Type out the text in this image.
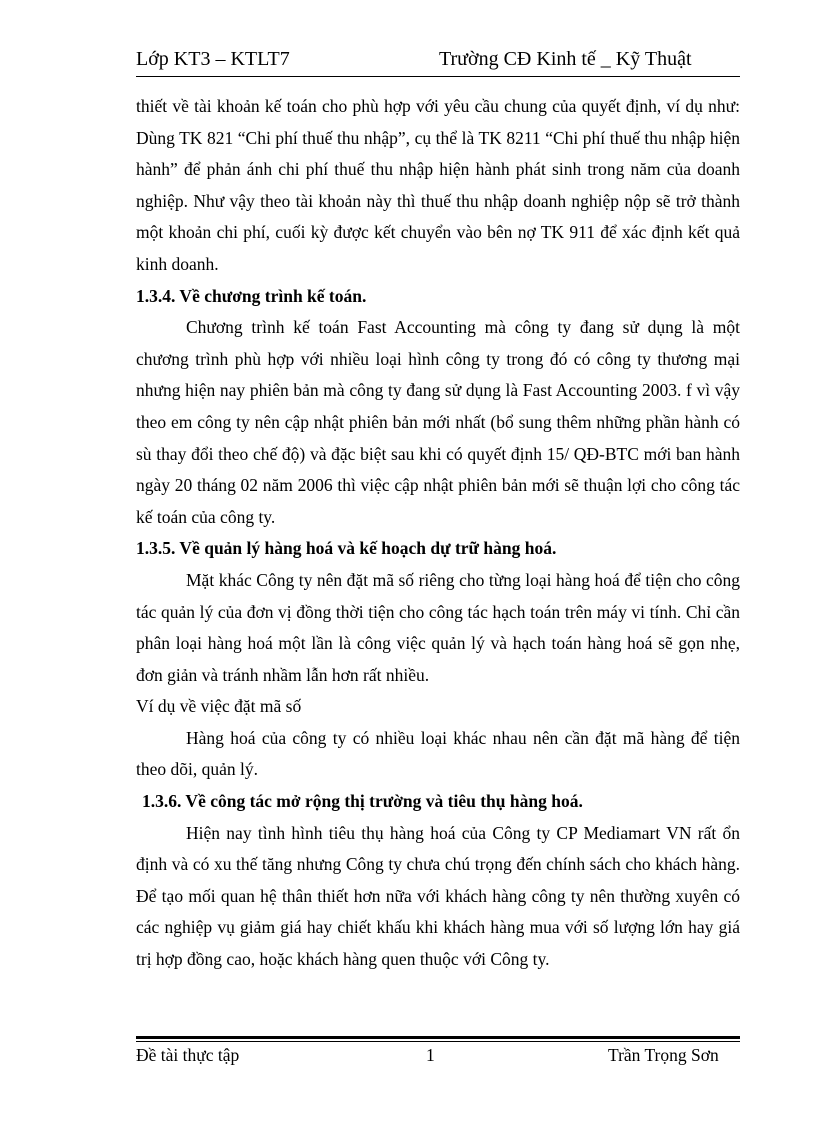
Lớp KT3 – KTLT7	Trường CĐ Kinh tế _ Kỹ Thuật

thiết về tài khoản kế toán cho phù hợp với yêu cầu chung của quyết định, ví dụ như: Dùng TK 821 “Chi phí thuế thu nhập”, cụ thể là TK 8211 “Chi phí thuế thu nhập hiện hành” để phản ánh chi phí thuế thu nhập hiện hành phát sinh trong năm của doanh nghiệp. Như vậy theo tài khoản này thì thuế thu nhập doanh nghiệp nộp sẽ trở thành một khoản chi phí, cuối kỳ được kết chuyển vào bên nợ TK 911 để xác định kết quả kinh doanh.

1.3.4. Về chương trình kế toán.

Chương trình kế toán Fast Accounting mà công ty đang sử dụng là một chương trình phù hợp với nhiều loại hình công ty trong đó có công ty thương mại nhưng hiện nay phiên bản mà công ty đang sử dụng là Fast Accounting 2003. f vì vậy theo em công ty nên cập nhật phiên bản mới nhất (bổ sung thêm những phần hành có sù thay đổi theo chế độ) và đặc biệt sau khi có quyết định 15/ QĐ-BTC mới ban hành ngày 20 tháng 02 năm 2006 thì việc cập nhật phiên bản mới sẽ thuận lợi cho công tác kế toán của công ty.

1.3.5. Về quản lý hàng hoá và kế hoạch dự trữ hàng hoá.

Mặt khác Công ty nên đặt mã số riêng cho từng loại hàng hoá để tiện cho công tác quản lý của đơn vị đồng thời tiện cho công tác hạch toán trên máy vi tính. Chỉ cần phân loại hàng hoá một lần là công việc quản lý và hạch toán hàng hoá sẽ gọn nhẹ, đơn giản và tránh nhầm lẫn hơn rất nhiều.

Ví dụ về việc đặt mã số

Hàng hoá của công ty có nhiều loại khác nhau nên cần đặt mã hàng để tiện theo dõi, quản lý.

1.3.6. Về công tác mở rộng thị trường và tiêu thụ hàng hoá.

Hiện nay tình hình tiêu thụ hàng hoá của Công ty CP Mediamart VN rất ổn định và có xu thế tăng nhưng Công ty chưa chú trọng đến chính sách cho khách hàng. Để tạo mối quan hệ thân thiết hơn nữa với khách hàng công ty nên thường xuyên có các nghiệp vụ giảm giá hay chiết khấu khi khách hàng mua với số lượng lớn hay giá trị hợp đồng cao, hoặc khách hàng quen thuộc với Công ty.

Đề tài thực tập	1	Trần Trọng Sơn
